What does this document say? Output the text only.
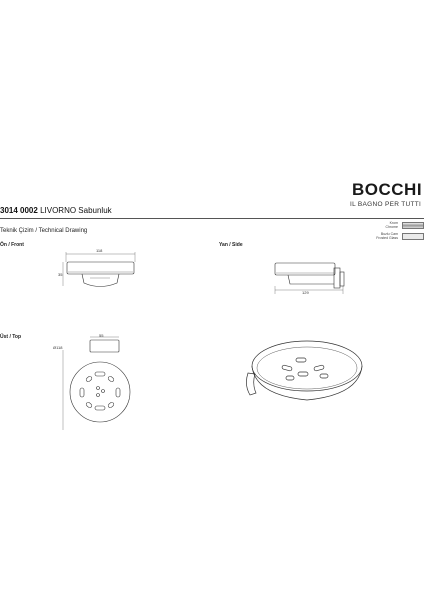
BOCCHI
IL BAGNO PER TUTTI
Krom
Chrome
Buzlu Cam
Frosted Glass
3014 0002 LIVORNO Sabunluk
Teknik Çizim / Technical Drawing
Ön / Front	Yan / Side
Üst / Top
118
35
129
55
Ø118
